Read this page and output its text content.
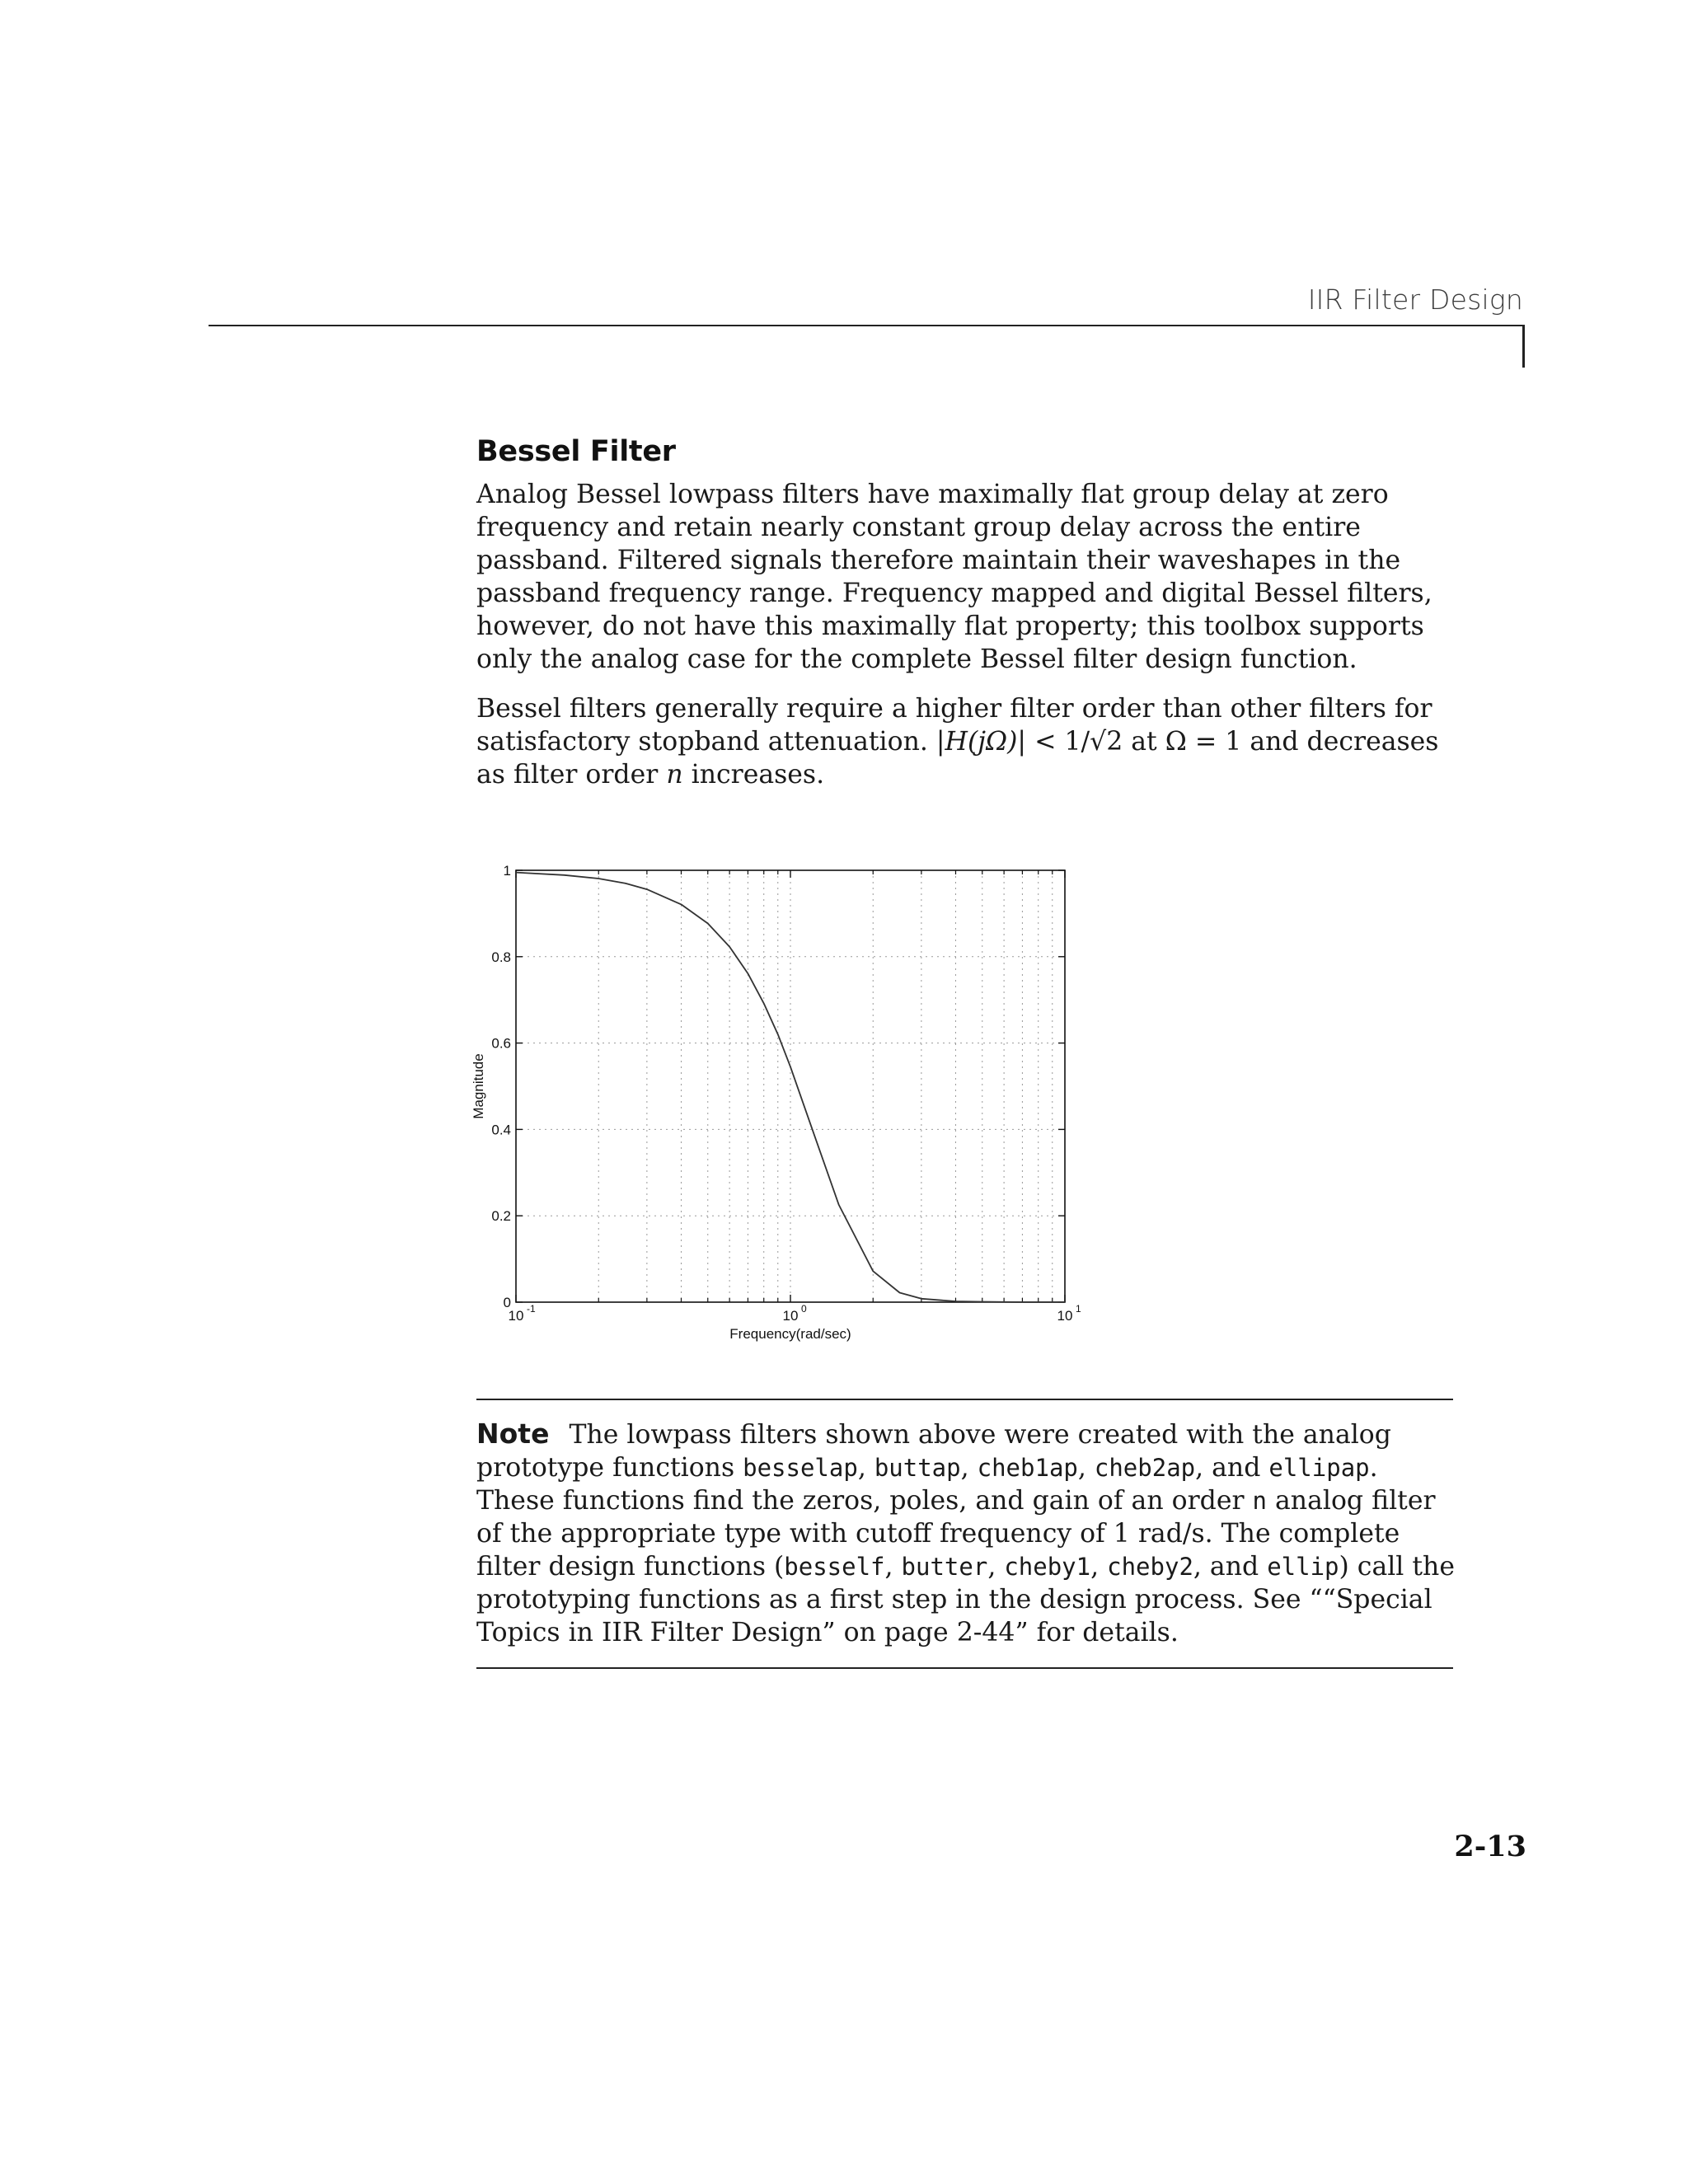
IIR Filter Design
Bessel Filter

Analog Bessel lowpass filters have maximally flat group delay at zero frequency and retain nearly constant group delay across the entire passband. Filtered signals therefore maintain their waveshapes in the passband frequency range. Frequency mapped and digital Bessel filters, however, do not have this maximally flat property; this toolbox supports only the analog case for the complete Bessel filter design function.

Bessel filters generally require a higher filter order than other filters for satisfactory stopband attenuation. |H(jΩ)| < 1/√2 at Ω = 1 and decreases as filter order n increases.

0
0.2
0.4
0.6
0.8
1
10 -1	10 0	10 1
Frequency(rad/sec)
Magnitude
Note The lowpass filters shown above were created with the analog prototype functions besselap, buttap, cheb1ap, cheb2ap, and ellipap. These functions find the zeros, poles, and gain of an order n analog filter of the appropriate type with cutoff frequency of 1 rad/s. The complete filter design functions (besself, butter, cheby1, cheby2, and ellip) call the prototyping functions as a first step in the design process. See ““Special Topics in IIR Filter Design” on page 2-44” for details.
2-13
